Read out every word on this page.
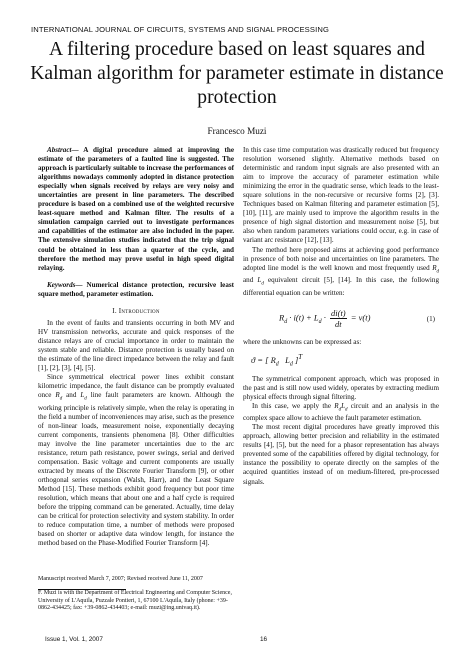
INTERNATIONAL JOURNAL OF CIRCUITS, SYSTEMS AND SIGNAL PROCESSING
A filtering procedure based on least squares and Kalman algorithm for parameter estimate in distance protection
Francesco Muzi

Abstract— A digital procedure aimed at improving the estimate of the parameters of a faulted line is suggested. The approach is particularly suitable to increase the performances of algorithms nowadays commonly adopted in distance protection especially when signals received by relays are very noisy and uncertainties are present in line parameters. The described procedure is based on a combined use of the weighted recursive least-square method and Kalman filter. The results of a simulation campaign carried out to investigate performances and capabilities of the estimator are also included in the paper. The extensive simulation studies indicated that the trip signal could be obtained in less than a quarter of the cycle, and therefore the method may prove useful in high speed digital relaying.

Keywords— Numerical distance protection, recursive least square method, parameter estimation.

I. Introduction

In the event of faults and transients occurring in both MV and HV transmission networks, accurate and quick responses of the distance relays are of crucial importance in order to maintain the system stable and reliable. Distance protection is usually based on the estimate of the line direct impedance between the relay and fault [1], [2], [3], [4], [5].

Since symmetrical electrical power lines exhibit constant kilometric impedance, the fault distance can be promptly evaluated once $R_d$ and $L_d$ line fault parameters are known. Although the working principle is relatively simple, when the relay is operating in the field a number of inconveniences may arise, such as the presence of non-linear loads, measurement noise, exponentially decaying current components, transients phenomena [8]. Other difficulties may involve the line parameter uncertainties due to the arc resistance, return path resistance, power swings, serial and derived compensation. Basic voltage and current components are usually extracted by means of the Discrete Fourier Transform [9], or other orthogonal series expansion (Walsh, Harr), and the Least Square Method [15]. These methods exhibit good frequency but poor time resolution, which means that about one and a half cycle is required before the tripping command can be generated. Actually, time delay can be critical for protection selectivity and system stability. In order to reduce computation time, a number of methods were proposed based on shorter or adaptive data window length, for instance the method based on the Phase-Modified Fourier Transform [4].

In this case time computation was drastically reduced but frequency resolution worsened slightly. Alternative methods based on deterministic and random input signals are also presented with an aim to improve the accuracy of parameter estimation while minimizing the error in the quadratic sense, which leads to the least-square solutions in the non-recursive or recursive forms [2], [3]. Techniques based on Kalman filtering and parameter estimation [5], [10], [11], are mainly used to improve the algorithm results in the presence of high signal distortion and measurement noise [5], but also when random parameters variations could occur, e.g. in case of variant arc resistance [12], [13].

The method here proposed aims at achieving good performance in presence of both noise and uncertainties on line parameters. The adopted line model is the well known and most frequently used $R_d$ and $L_d$ equivalent circuit [5], [14]. In this case, the following differential equation can be written:

$R_d \cdot i(t) + L_d \cdot \frac{di(t)}{dt} = v(t)$	(1)

where the unknowns can be expressed as:

ϑ = [ $R_d$   $L_d$ ]$^T$

The symmetrical component approach, which was proposed in the past and is still now used widely, operates by extracting medium physical effects through signal filtering.

In this case, we apply the $R_dL_d$ circuit and an analysis in the complex space allow to achieve the fault parameter estimation.

The most recent digital procedures have greatly improved this approach, allowing better precision and reliability in the estimated results [4], [5], but the need for a phasor representation has always prevented some of the capabilities offered by digital technology, for instance the possibility to operate directly on the samples of the acquired quantities instead of on medium-filtered, pre-processed signals.

Manuscript received March 7, 2007; Revised received June 11, 2007

F. Muzi is with the Department of Electrical Engineering and Computer Science, University of L'Aquila, Puzzale Pontieri, 1, 67100 L'Aquila, Italy (phone: +39-0862-434425; fax: +39-0862-434403; e-mail: muzi@ing.univaq.it).

Issue 1, Vol. 1, 2007	16
